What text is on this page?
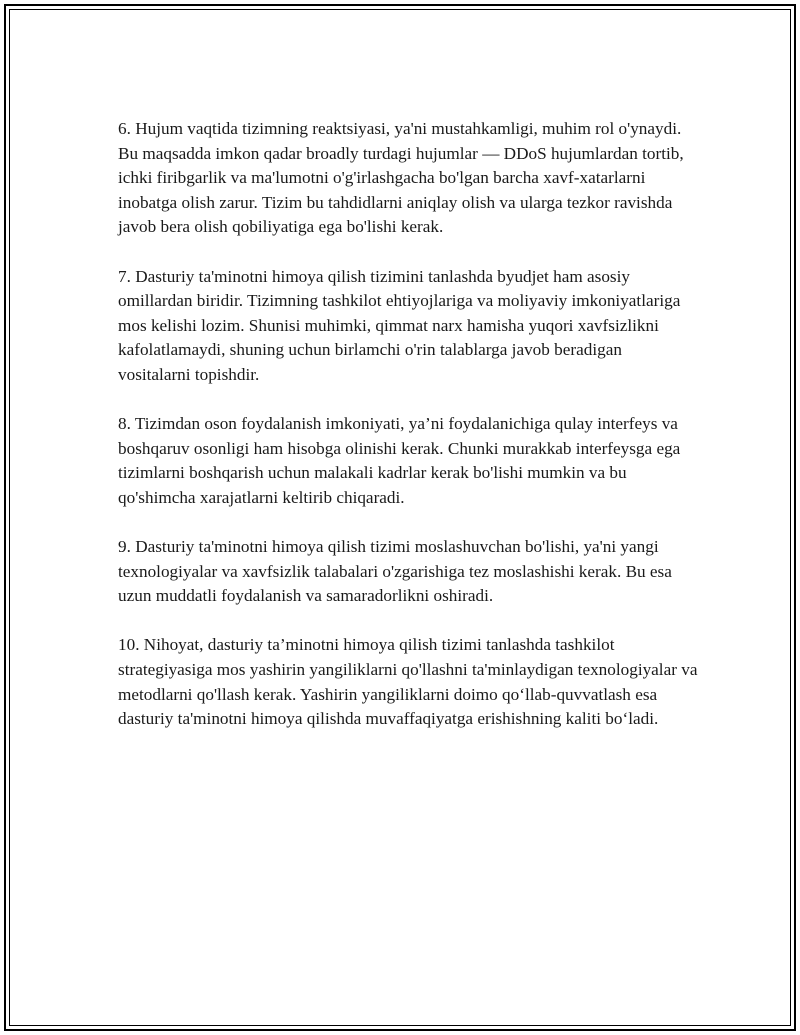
6. Hujum vaqtida tizimning reaktsiyasi, ya'ni mustahkamligi, muhim rol o'ynaydi. Bu maqsadda imkon qadar broadly turdagi hujumlar — DDoS hujumlardan tortib, ichki firibgarlik va ma'lumotni o'g'irlashgacha bo'lgan barcha xavf-xatarlarni inobatga olish zarur. Tizim bu tahdidlarni aniqlay olish va ularga tezkor ravishda javob bera olish qobiliyatiga ega bo'lishi kerak.

7. Dasturiy ta'minotni himoya qilish tizimini tanlashda byudjet ham asosiy omillardan biridir. Tizimning tashkilot ehtiyojlariga va moliyaviy imkoniyatlariga mos kelishi lozim. Shunisi muhimki, qimmat narx hamisha yuqori xavfsizlikni kafolatlamaydi, shuning uchun birlamchi o'rin talablarga javob beradigan vositalarni topishdir.

8. Tizimdan oson foydalanish imkoniyati, ya’ni foydalanichiga qulay interfeys va boshqaruv osonligi ham hisobga olinishi kerak. Chunki murakkab interfeysga ega tizimlarni boshqarish uchun malakali kadrlar kerak bo'lishi mumkin va bu qo'shimcha xarajatlarni keltirib chiqaradi.

9. Dasturiy ta'minotni himoya qilish tizimi moslashuvchan bo'lishi, ya'ni yangi texnologiyalar va xavfsizlik talabalari o'zgarishiga tez moslashishi kerak. Bu esa uzun muddatli foydalanish va samaradorlikni oshiradi.

10. Nihoyat, dasturiy ta’minotni himoya qilish tizimi tanlashda tashkilot strategiyasiga mos yashirin yangiliklarni qo'llashni ta'minlaydigan texnologiyalar va metodlarni qo'llash kerak. Yashirin yangiliklarni doimo qo‘llab-quvvatlash esa dasturiy ta'minotni himoya qilishda muvaffaqiyatga erishishning kaliti bo‘ladi.
